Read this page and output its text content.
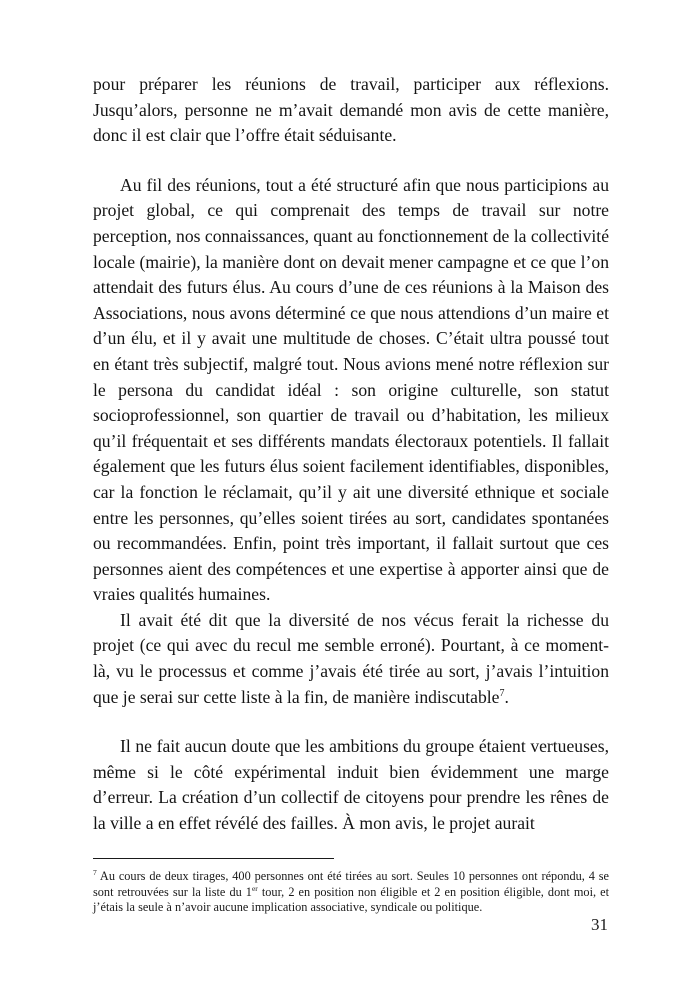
pour préparer les réunions de travail, participer aux réflexions. Jusqu’alors, personne ne m’avait demandé mon avis de cette manière, donc il est clair que l’offre était séduisante.

Au fil des réunions, tout a été structuré afin que nous participions au projet global, ce qui comprenait des temps de travail sur notre perception, nos connaissances, quant au fonctionnement de la collectivité locale (mairie), la manière dont on devait mener campagne et ce que l’on attendait des futurs élus. Au cours d’une de ces réunions à la Maison des Associations, nous avons déterminé ce que nous attendions d’un maire et d’un élu, et il y avait une multitude de choses. C’était ultra poussé tout en étant très subjectif, malgré tout. Nous avions mené notre réflexion sur le persona du candidat idéal : son origine culturelle, son statut socioprofessionnel, son quartier de travail ou d’habitation, les milieux qu’il fréquentait et ses différents mandats électoraux potentiels. Il fallait également que les futurs élus soient facilement identifiables, disponibles, car la fonction le réclamait, qu’il y ait une diversité ethnique et sociale entre les personnes, qu’elles soient tirées au sort, candidates spontanées ou recommandées. Enfin, point très important, il fallait surtout que ces personnes aient des compétences et une expertise à apporter ainsi que de vraies qualités humaines.

Il avait été dit que la diversité de nos vécus ferait la richesse du projet (ce qui avec du recul me semble erroné). Pourtant, à ce moment-là, vu le processus et comme j’avais été tirée au sort, j’avais l’intuition que je serai sur cette liste à la fin, de manière indiscutable$^7$.

Il ne fait aucun doute que les ambitions du groupe étaient vertueuses, même si le côté expérimental induit bien évidemment une marge d’erreur. La création d’un collectif de citoyens pour prendre les rênes de la ville a en effet révélé des failles. À mon avis, le projet aurait

$^7$ Au cours de deux tirages, 400 personnes ont été tirées au sort. Seules 10 personnes ont répondu, 4 se sont retrouvées sur la liste du 1er tour, 2 en position non éligible et 2 en position éligible, dont moi, et j’étais la seule à n’avoir aucune implication associative, syndicale ou politique.

31
